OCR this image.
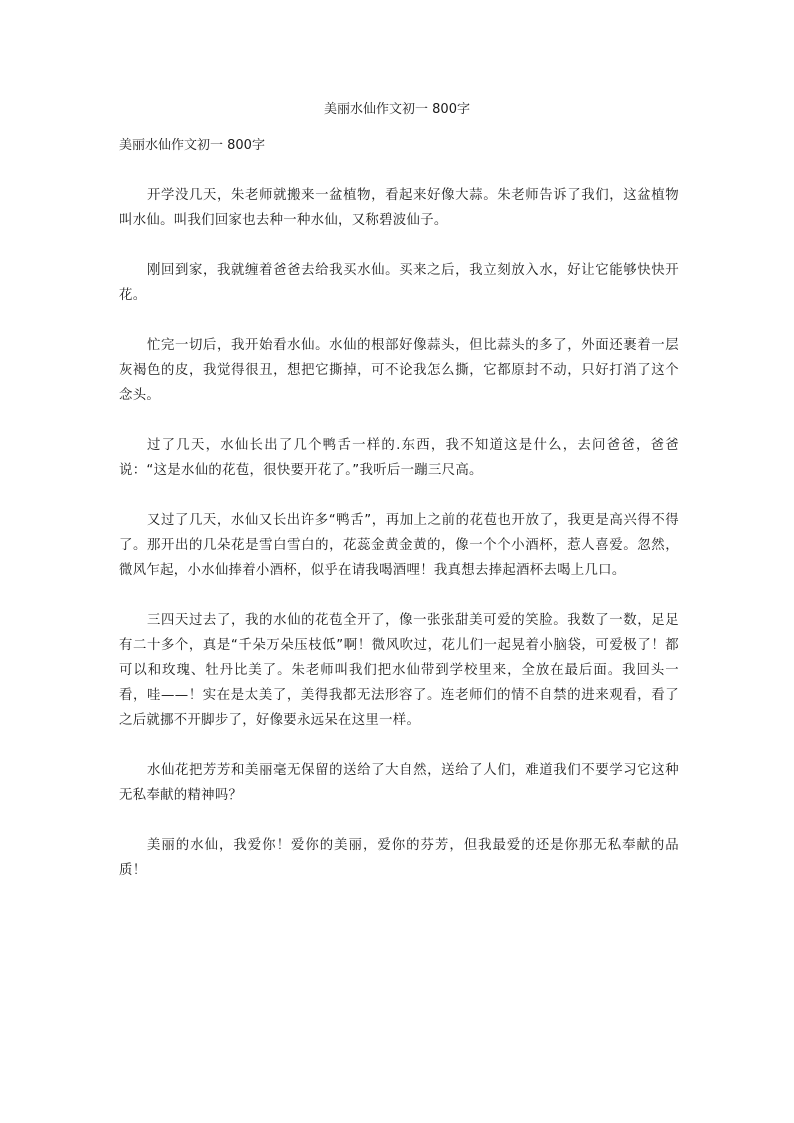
美丽水仙作文初一 800字
美丽水仙作文初一 800字

开学没几天，朱老师就搬来一盆植物，看起来好像大蒜。朱老师告诉了我们，这盆植物叫水仙。叫我们回家也去种一种水仙，又称碧波仙子。

刚回到家，我就缠着爸爸去给我买水仙。买来之后，我立刻放入水，好让它能够快快开花。

忙完一切后，我开始看水仙。水仙的根部好像蒜头，但比蒜头的多了，外面还裹着一层灰褐色的皮，我觉得很丑，想把它撕掉，可不论我怎么撕，它都原封不动，只好打消了这个念头。

过了几天，水仙长出了几个鸭舌一样的.东西，我不知道这是什么，去问爸爸，爸爸说：“这是水仙的花苞，很快要开花了。”我听后一蹦三尺高。

又过了几天，水仙又长出许多“鸭舌”，再加上之前的花苞也开放了，我更是高兴得不得了。那开出的几朵花是雪白雪白的，花蕊金黄金黄的，像一个个小酒杯，惹人喜爱。忽然，微风乍起，小水仙捧着小酒杯，似乎在请我喝酒哩！我真想去捧起酒杯去喝上几口。

三四天过去了，我的水仙的花苞全开了，像一张张甜美可爱的笑脸。我数了一数，足足有二十多个，真是“千朵万朵压枝低”啊！微风吹过，花儿们一起晃着小脑袋，可爱极了！都可以和玫瑰、牡丹比美了。朱老师叫我们把水仙带到学校里来，全放在最后面。我回头一看，哇——！实在是太美了，美得我都无法形容了。连老师们的情不自禁的进来观看，看了之后就挪不开脚步了，好像要永远呆在这里一样。

水仙花把芳芳和美丽毫无保留的送给了大自然，送给了人们，难道我们不要学习它这种无私奉献的精神吗？

美丽的水仙，我爱你！爱你的美丽，爱你的芬芳，但我最爱的还是你那无私奉献的品质！
